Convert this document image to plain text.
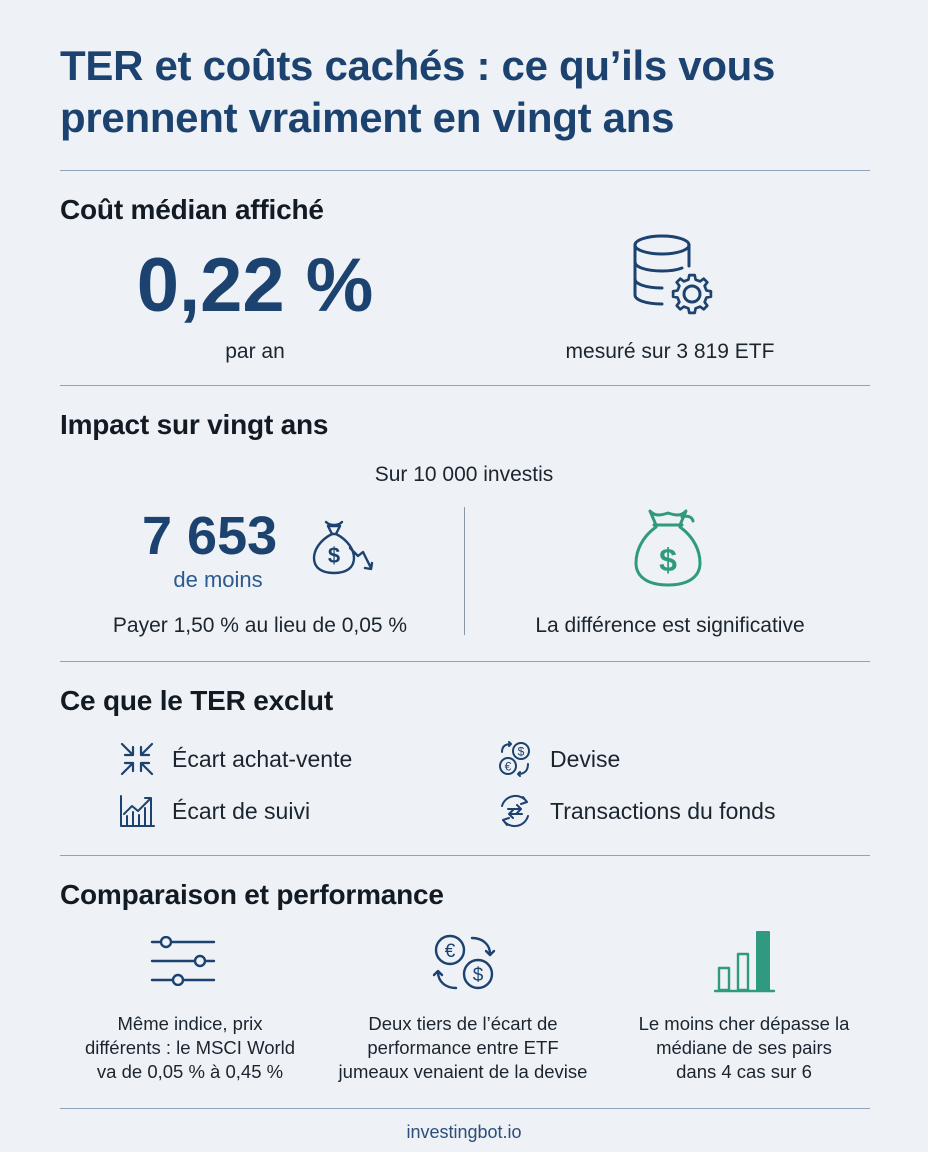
TER et coûts cachés : ce qu’ils vous
prennent vraiment en vingt ans
Coût médian affiché
0,22 %
par an	mesuré sur 3 819 ETF
Impact sur vingt ans
Sur 10 000 investis
7 653
de moins
$
Payer 1,50 % au lieu de 0,05 %
$
La différence est significative
Ce que le TER exclut
Écart achat-vente	$
€ Devise
Écart de suivi	Transactions du fonds
Comparaison et performance
€
$
Même indice, prix
différents : le MSCI World
va de 0,05 % à 0,45 %
Deux tiers de l’écart de
performance entre ETF
jumeaux venaient de la devise
Le moins cher dépasse la
médiane de ses pairs
dans 4 cas sur 6
investingbot.io
